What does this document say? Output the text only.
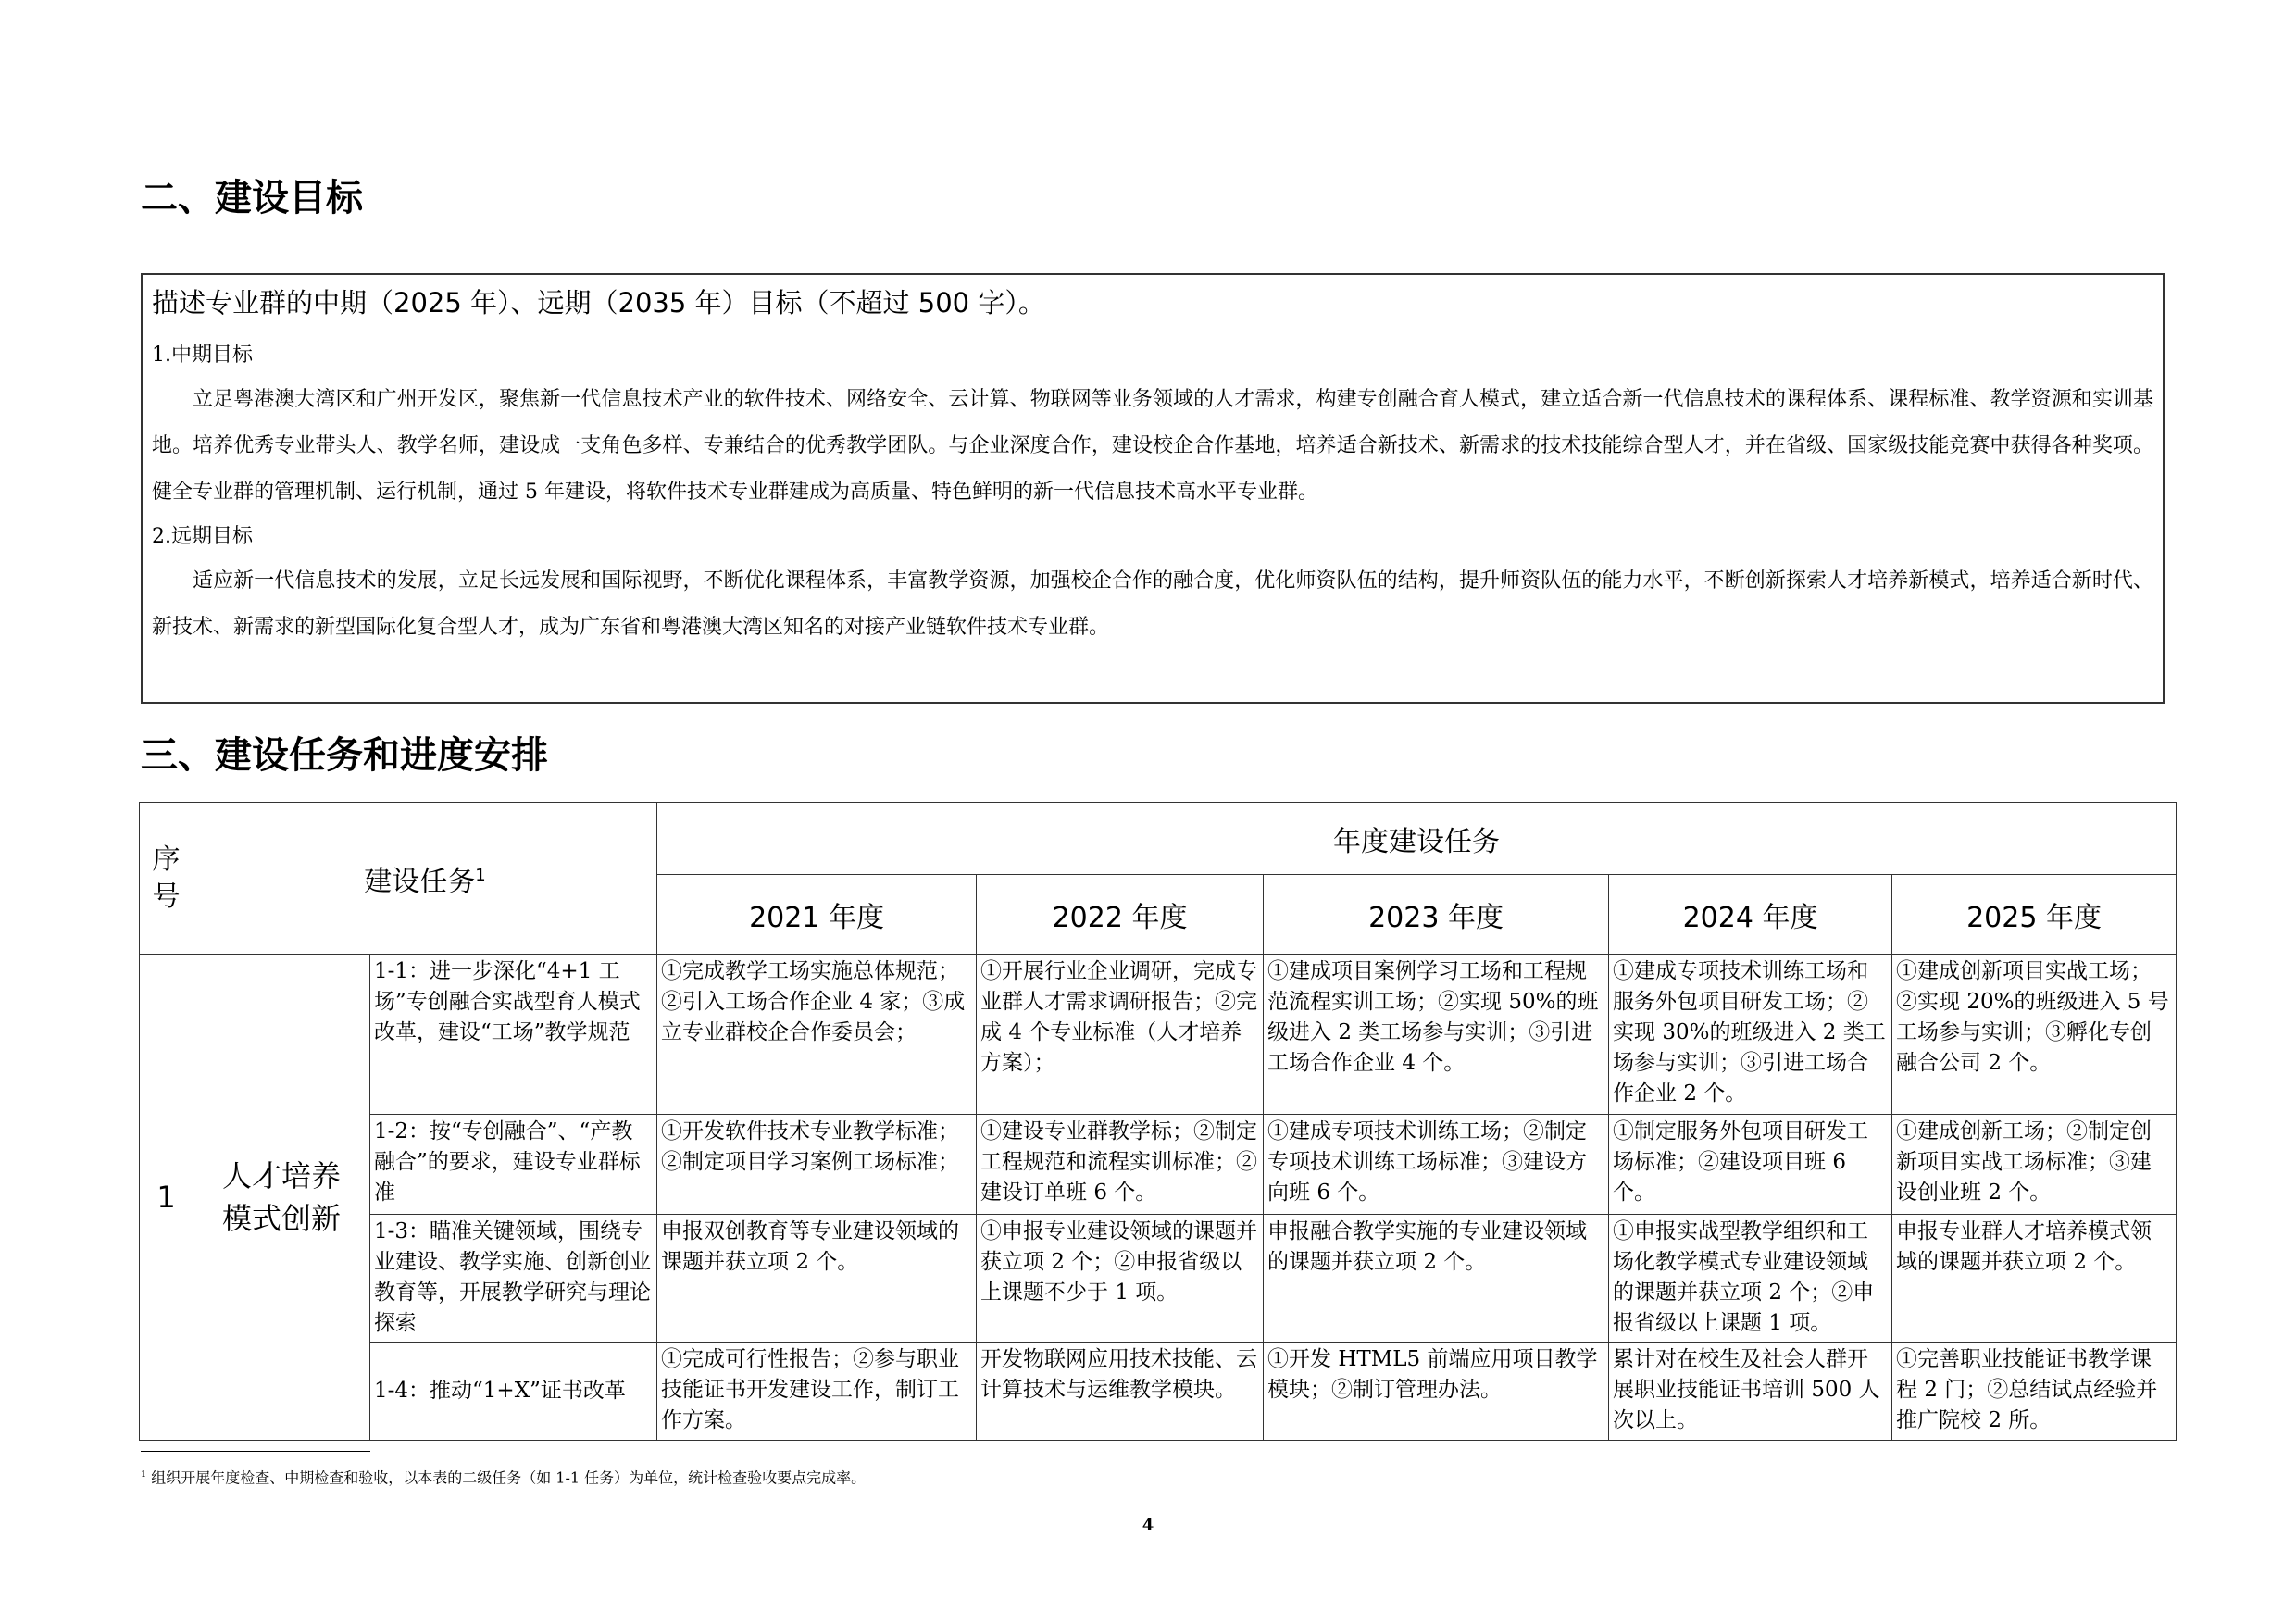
二、建设目标
描述专业群的中期（2025 年）、远期（2035 年）目标（不超过 500 字）。
1.中期目标
立足粤港澳大湾区和广州开发区，聚焦新一代信息技术产业的软件技术、网络安全、云计算、物联网等业务领域的人才需求，构建专创融合育人模式，建立适合新一代信息技术的课程体系、课程标准、教学资源和实训基地。培养优秀专业带头人、教学名师，建设成一支角色多样、专兼结合的优秀教学团队。与企业深度合作，建设校企合作基地，培养适合新技术、新需求的技术技能综合型人才，并在省级、国家级技能竞赛中获得各种奖项。健全专业群的管理机制、运行机制，通过 5 年建设，将软件技术专业群建成为高质量、特色鲜明的新一代信息技术高水平专业群。
2.远期目标
适应新一代信息技术的发展，立足长远发展和国际视野，不断优化课程体系，丰富教学资源，加强校企合作的融合度，优化师资队伍的结构，提升师资队伍的能力水平，不断创新探索人才培养新模式，培养适合新时代、新技术、新需求的新型国际化复合型人才，成为广东省和粤港澳大湾区知名的对接产业链软件技术专业群。
三、建设任务和进度安排
序号	建设任务$^1$		年度建设任务				
			2021 年度	2022 年度	2023 年度	2024 年度	2025 年度
1	人才培养模式创新	1-1：进一步深化“4+1 工场”专创融合实战型育人模式改革，建设“工场”教学规范	①完成教学工场实施总体规范；②引入工场合作企业 4 家；③成立专业群校企合作委员会；	①开展行业企业调研，完成专业群人才需求调研报告；②完成 4 个专业标准（人才培养方案）；	①建成项目案例学习工场和工程规范流程实训工场；②实现 50%的班级进入 2 类工场参与实训；③引进工场合作企业 4 个。	①建成专项技术训练工场和服务外包项目研发工场；②实现 30%的班级进入 2 类工场参与实训；③引进工场合作企业 2 个。	①建成创新项目实战工场；②实现 20%的班级进入 5 号工场参与实训；③孵化专创融合公司 2 个。
		1-2：按“专创融合”、“产教融合”的要求，建设专业群标准	①开发软件技术专业教学标准；②制定项目学习案例工场标准；	①建设专业群教学标；②制定工程规范和流程实训标准；②建设订单班 6 个。	①建成专项技术训练工场；②制定专项技术训练工场标准；③建设方向班 6 个。	①制定服务外包项目研发工场标准；②建设项目班 6 个。	①建成创新工场；②制定创新项目实战工场标准；③建设创业班 2 个。
		1-3：瞄准关键领域，围绕专业建设、教学实施、创新创业教育等，开展教学研究与理论探索	申报双创教育等专业建设领域的课题并获立项 2 个。	①申报专业建设领域的课题并获立项 2 个；②申报省级以上课题不少于 1 项。	申报融合教学实施的专业建设领域的课题并获立项 2 个。	①申报实战型教学组织和工场化教学模式专业建设领域的课题并获立项 2 个；②申报省级以上课题 1 项。	申报专业群人才培养模式领域的课题并获立项 2 个。
		1-4：推动“1+X”证书改革	①完成可行性报告；②参与职业技能证书开发建设工作，制订工作方案。	开发物联网应用技术技能、云计算技术与运维教学模块。	①开发 HTML5 前端应用项目教学模块；②制订管理办法。	累计对在校生及社会人群开展职业技能证书培训 500 人次以上。	①完善职业技能证书教学课程 2 门；②总结试点经验并推广院校 2 所。
$^1$ 组织开展年度检查、中期检查和验收，以本表的二级任务（如 1-1 任务）为单位，统计检查验收要点完成率。
4
